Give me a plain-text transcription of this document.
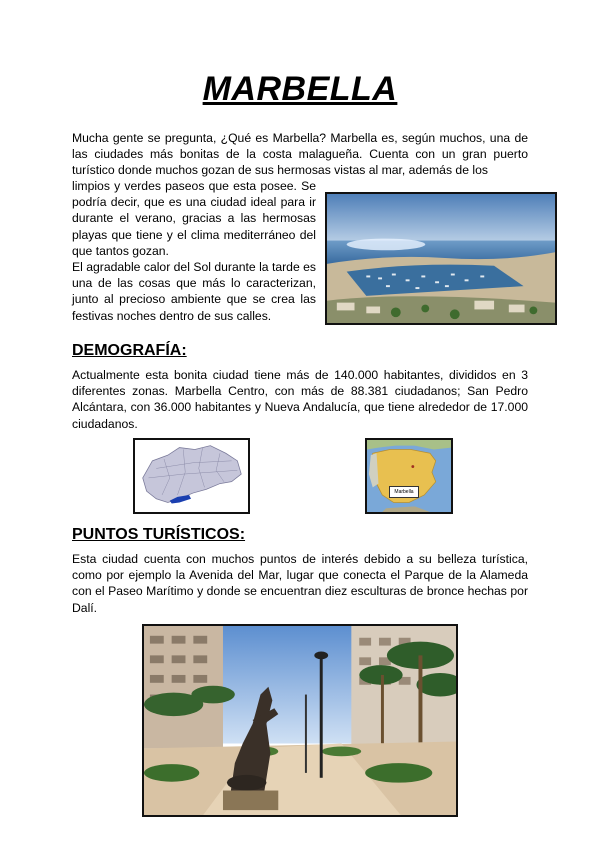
MARBELLA

Mucha gente se pregunta, ¿Qué es Marbella? Marbella es, según muchos, una de las ciudades más bonitas de la costa malagueña. Cuenta con un gran puerto turístico donde muchos gozan de sus hermosas vistas al mar, además de los

limpios y verdes paseos que esta posee. Se podría decir, que es una ciudad ideal para ir durante el verano, gracias a las hermosas playas que tiene y el clima mediterráneo del que tantos gozan.

El agradable calor del Sol durante la tarde es una de las cosas que más lo caracterizan, junto al precioso ambiente que se crea las festivas noches dentro de sus calles.

DEMOGRAFÍA:

Actualmente esta bonita ciudad tiene más de 140.000 habitantes, divididos en 3 diferentes zonas. Marbella Centro, con más de 88.381 ciudadanos; San Pedro Alcántara, con 36.000 habitantes y Nueva Andalucía, que tiene alrededor de 17.000 ciudadanos.

Marbella
PUNTOS TURÍSTICOS:

Esta ciudad cuenta con muchos puntos de interés debido a su belleza turística, como por ejemplo la Avenida del Mar, lugar que conecta el Parque de la Alameda con el Paseo Marítimo y donde se encuentran diez esculturas de bronce hechas por Dalí.
